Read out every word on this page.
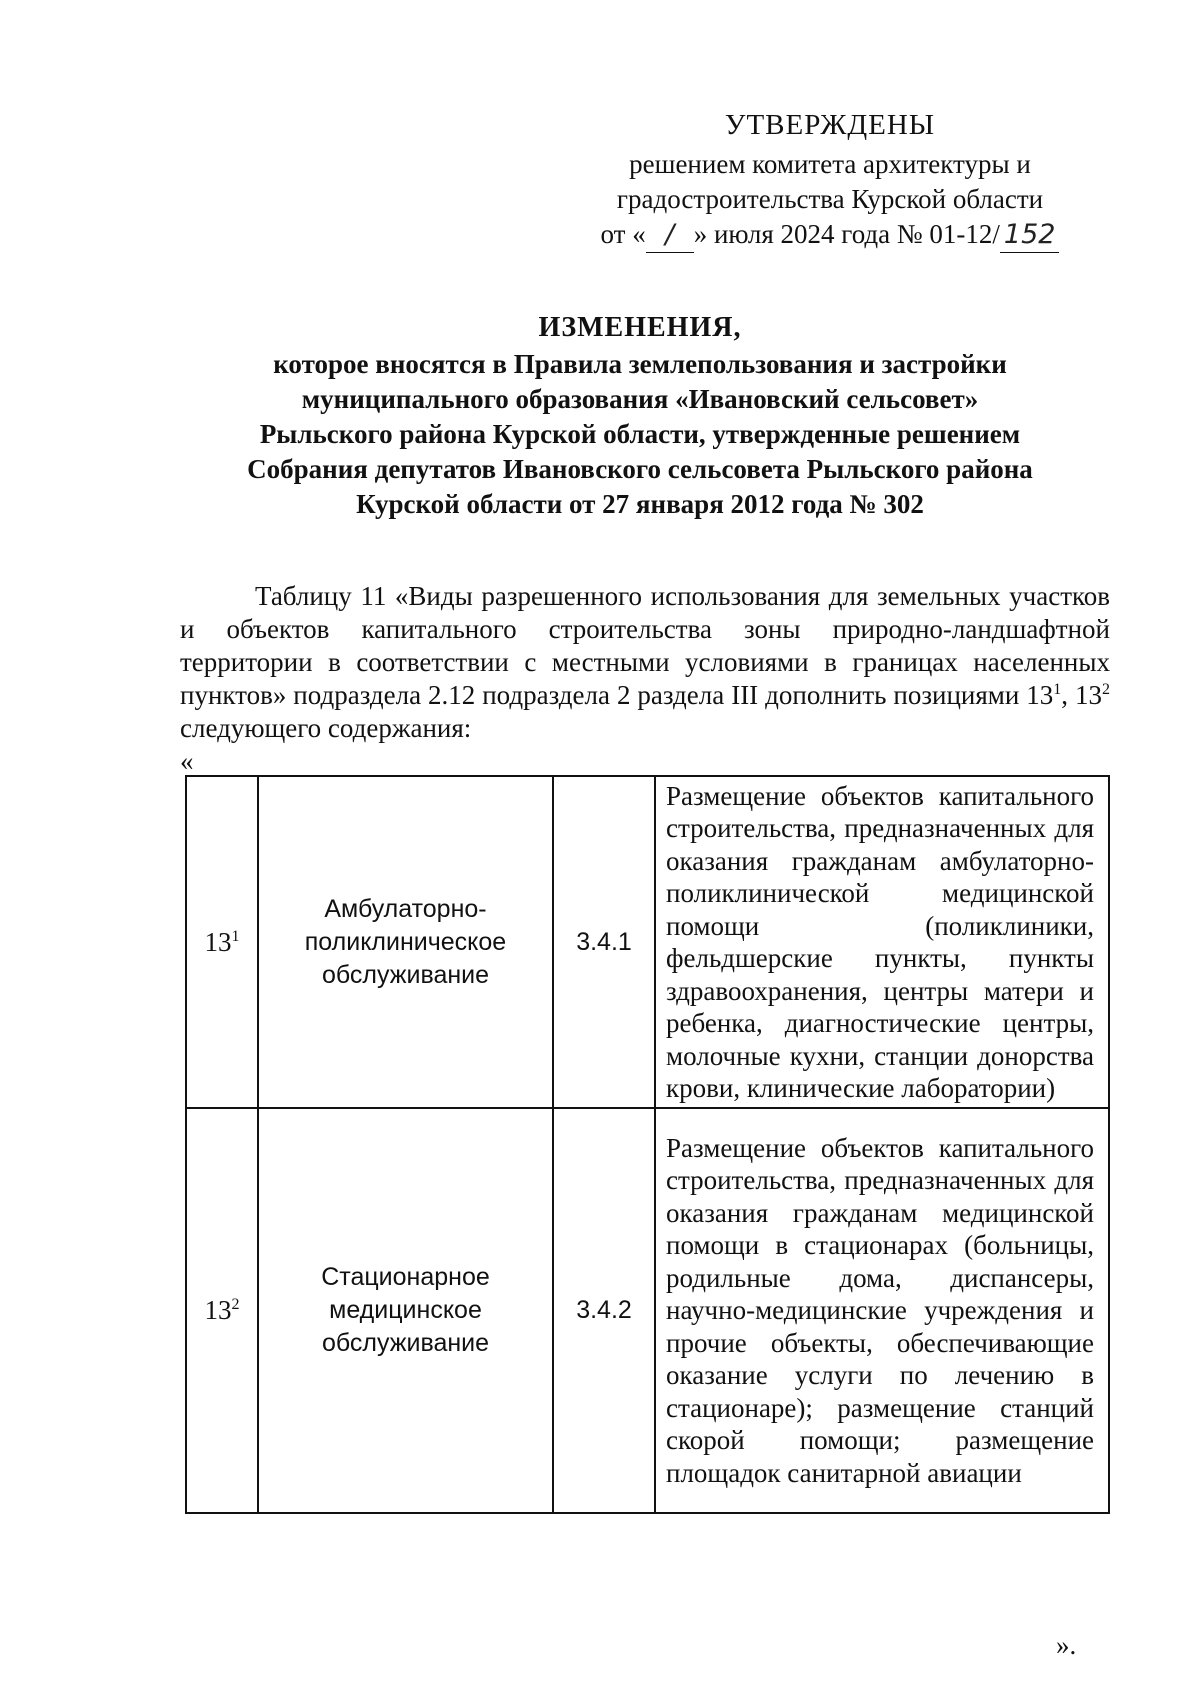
УТВЕРЖДЕНЫ
решением комитета архитектуры и
градостроительства Курской области
от « / » июля 2024 года № 01-12/ 152
ИЗМЕНЕНИЯ,
которое вносятся в Правила землепользования и застройки
муниципального образования «Ивановский сельсовет»
Рыльского района Курской области, утвержденные решением
Собрания депутатов Ивановского сельсовета Рыльского района
Курской области от 27 января 2012 года № 302

Таблицу 11 «Виды разрешенного использования для земельных участков и объектов капитального строительства зоны природно-ландшафтной территории в соответствии с местными условиями в границах населенных пунктов» подраздела 2.12 подраздела 2 раздела III дополнить позициями $13^1$, $13^2$ следующего содержания:

«
$13^1$	Амбулаторно-поликлиническое обслуживание	3.4.1	Размещение объектов капитального строительства, предназначенных для оказания гражданам амбулаторно-поликлинической медицинской помощи (поликлиники, фельдшерские пункты, пункты здравоохранения, центры матери и ребенка, диагностические центры, молочные кухни, станции донорства крови, клинические лаборатории)
$13^2$	Стационарное медицинское обслуживание	3.4.2	Размещение объектов капитального строительства, предназначенных для оказания гражданам медицинской помощи в стационарах (больницы, родильные дома, диспансеры, научно-медицинские учреждения и прочие объекты, обеспечивающие оказание услуги по лечению в стационаре); размещение станций скорой помощи; размещение площадок санитарной авиации
».
